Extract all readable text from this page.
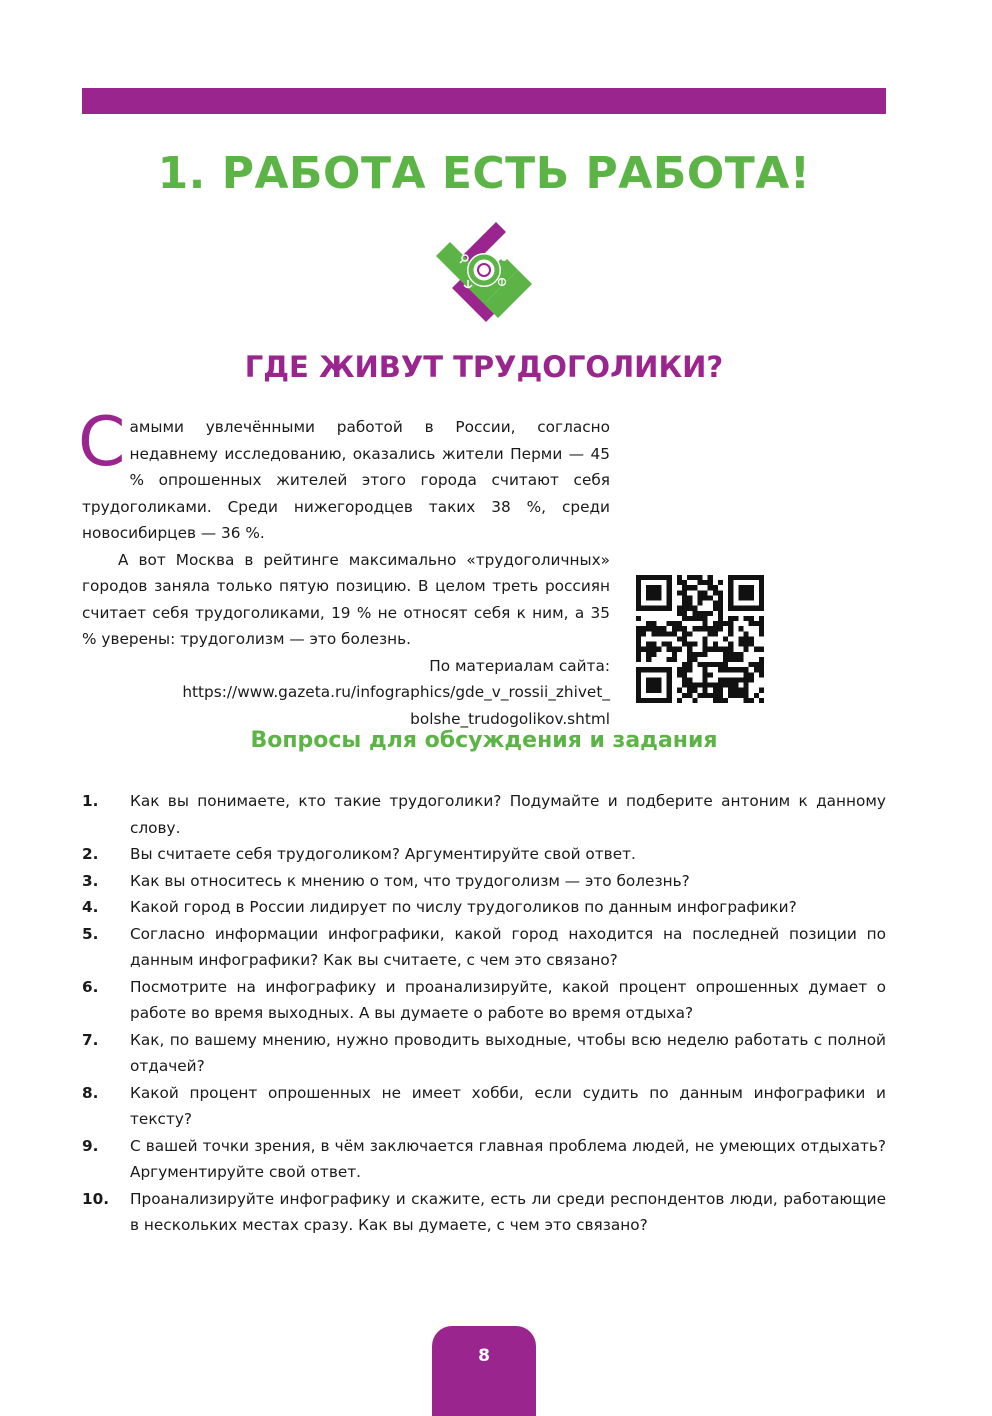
1. РАБОТА ЕСТЬ РАБОТА!
ГДЕ ЖИВУТ ТРУДОГОЛИКИ?

Самыми увлечёнными работой в России, согласно недавнему исследованию, оказались жители Перми — 45 % опрошенных жителей этого города считают себя трудоголиками. Среди нижегородцев таких 38 %, среди новосибирцев — 36 %.

А вот Москва в рейтинге максимально «трудоголичных» городов заняла только пятую позицию. В целом треть россиян считает себя трудоголиками, 19 % не относят себя к ним, а 35 % уверены: трудоголизм — это болезнь.

По материалам сайта:

https://www.gazeta.ru/infographics/gde_v_rossii_zhivet_

bolshe_trudogolikov.shtml

Вопросы для обсуждения и задания
1. Как вы понимаете, кто такие трудоголики? Подумайте и подберите антоним к данному слову.
2. Вы считаете себя трудоголиком? Аргументируйте свой ответ.
3. Как вы относитесь к мнению о том, что трудоголизм — это болезнь?
4. Какой город в России лидирует по числу трудоголиков по данным инфографики?
5. Согласно информации инфографики, какой город находится на последней позиции по данным инфографики? Как вы считаете, с чем это связано?
6. Посмотрите на инфографику и проанализируйте, какой процент опрошенных думает о работе во время выходных. А вы думаете о работе во время отдыха?
7. Как, по вашему мнению, нужно проводить выходные, чтобы всю неделю работать с полной отдачей?
8. Какой процент опрошенных не имеет хобби, если судить по данным инфографики и тексту?
9. С вашей точки зрения, в чём заключается главная проблема людей, не умеющих отдыхать? Аргументируйте свой ответ.
10. Проанализируйте инфографику и скажите, есть ли среди респондентов люди, работающие в нескольких местах сразу. Как вы думаете, с чем это связано?
8
